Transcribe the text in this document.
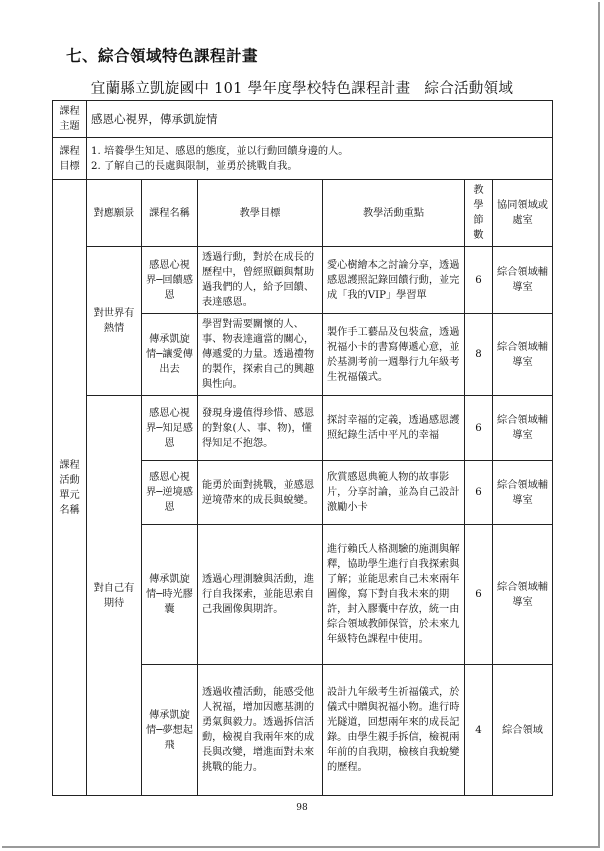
七、綜合領域特色課程計畫
宜蘭縣立凱旋國中 101 學年度學校特色課程計畫 綜合活動領域
課程主題	感恩心視界，傳承凱旋情					
課程目標	1. 培養學生知足、感恩的態度，並以行動回饋身邊的人。
2. 了解自己的長處與限制，並勇於挑戰自我。					

課程活動單元名稱	對應願景	課程名稱	教學目標	教學活動重點	教學節數	協同領域或處室
	對世界有熱情	感恩心視界─回饋感恩	透過行動，對於在成長的歷程中，曾經照顧與幫助過我們的人，給予回饋、表達感恩。	愛心樹繪本之討論分享，透過感恩護照記錄回饋行動，並完成「我的VIP」學習單	6	綜合領域輔導室
		傳承凱旋情─讓愛傳出去	學習對需要關懷的人、事、物表達適當的關心，傳遞愛的力量。透過禮物的製作，探索自己的興趣與性向。	製作手工藝品及包裝盒，透過祝福小卡的書寫傳遞心意，並於基測考前一週舉行九年級考生祝福儀式。	8	綜合領域輔導室
	對自己有期待	感恩心視界─知足感恩	發現身邊值得珍惜、感恩的對象(人、事、物)，懂得知足不抱怨。	探討幸福的定義，透過感恩護照紀錄生活中平凡的幸福	6	綜合領域輔導室
		感恩心視界─逆境感恩	能勇於面對挑戰，並感恩逆境帶來的成長與蛻變。	欣賞感恩典範人物的故事影片，分享討論，並為自己設計激勵小卡	6	綜合領域輔導室
		傳承凱旋情─時光膠囊	透過心理測驗與活動，進行自我探索，並能思索自己我圖像與期許。	進行賴氏人格測驗的施測與解釋，協助學生進行自我探索與了解；並能思索自己未來兩年圖像，寫下對自我未來的期許，封入膠囊中存放，統一由綜合領域教師保管，於未來九年級特色課程中使用。	6	綜合領域輔導室
		傳承凱旋情─夢想起飛	透過收禮活動，能感受他人祝福，增加因應基測的勇氣與毅力。透過拆信活動，檢視自我兩年來的成長與改變，增進面對未來挑戰的能力。	設計九年級考生祈福儀式，於儀式中贈與祝福小物。進行時光隧道，回想兩年來的成長記錄。由學生親手拆信，檢視兩年前的自我期，檢核自我蛻變的歷程。	4	綜合領域
98
